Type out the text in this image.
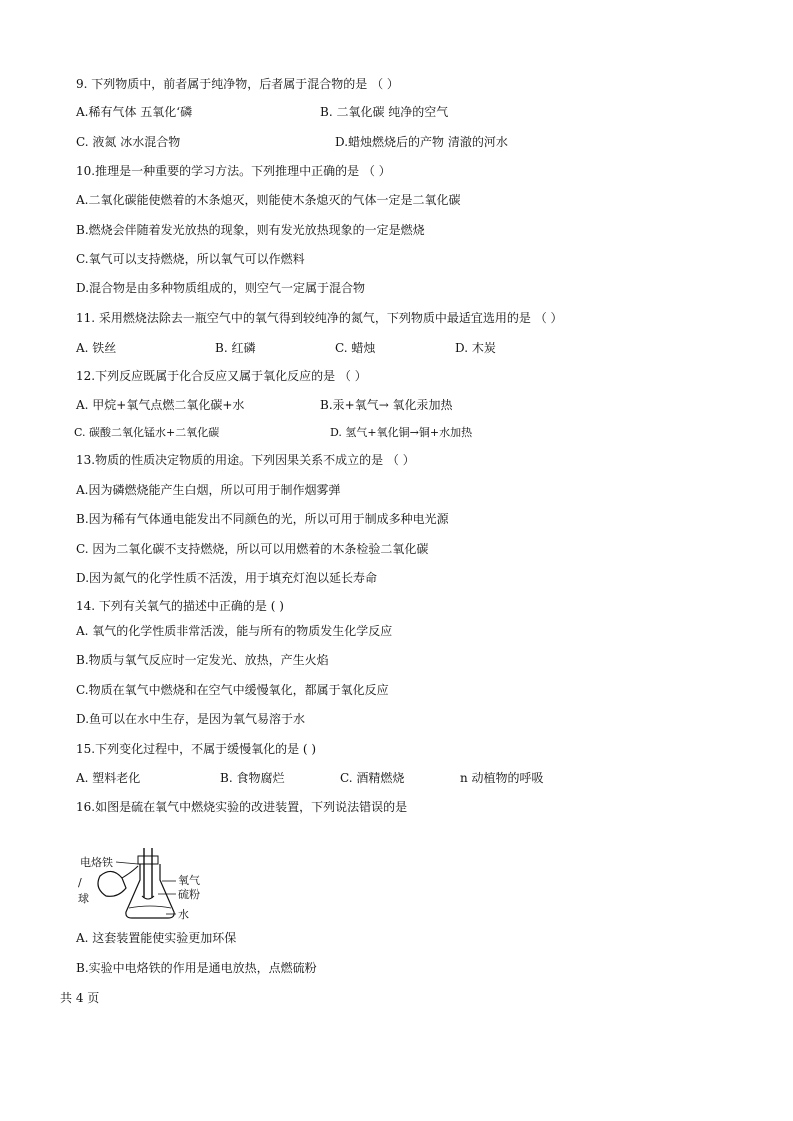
9. 下列物质中，前者属于纯净物，后者属于混合物的是 （ ）
A.稀有气体 五氧化‘磷	B. 二氧化碳 纯净的空气
C. 液氮 冰水混合物	D.蜡烛燃烧后的产物 清澈的河水
10.推理是一种重要的学习方法。下列推理中正确的是 （ ）
A.二氧化碳能使燃着的木条熄灭，则能使木条熄灭的气体一定是二氧化碳
B.燃烧会伴随着发光放热的现象，则有发光放热现象的一定是燃烧
C.氧气可以支持燃烧，所以氧气可以作燃料
D.混合物是由多种物质组成的，则空气一定属于混合物
11. 采用燃烧法除去一瓶空气中的氧气得到较纯净的氮气，下列物质中最适宜选用的是 （ ）
A. 铁丝	B. 红磷	C. 蜡烛	D. 木炭
12.下列反应既属于化合反应又属于氧化反应的是 （ ）
A. 甲烷+氧气点燃二氧化碳+水	B.汞+氧气→ 氧化汞加热
C. 碳酸二氧化锰水+二氧化碳	D. 氢气+氧化铜→铜+水加热
13.物质的性质决定物质的用途。下列因果关系不成立的是 （ ）
A.因为磷燃烧能产生白烟，所以可用于制作烟雾弹
B.因为稀有气体通电能发出不同颜色的光，所以可用于制成多种电光源
C. 因为二氧化碳不支持燃烧，所以可以用燃着的木条检验二氧化碳
D.因为氮气的化学性质不活泼，用于填充灯泡以延长寿命
14. 下列有关氧气的描述中正确的是 ( )
A. 氧气的化学性质非常活泼，能与所有的物质发生化学反应
B.物质与氧气反应时一定发光、放热，产生火焰
C.物质在氧气中燃烧和在空气中缓慢氧化，都属于氧化反应
D.鱼可以在水中生存，是因为氧气易溶于水
15.下列变化过程中，不属于缓慢氧化的是 ( )
A. 塑料老化	B. 食物腐烂	C. 酒精燃烧	n 动植物的呼吸
16.如图是硫在氧气中燃烧实验的改进装置，下列说法错误的是
电烙铁
/
球
氧气
硫粉
水
A. 这套装置能使实验更加环保
B.实验中电烙铁的作用是通电放热，点燃硫粉
共 4 页
